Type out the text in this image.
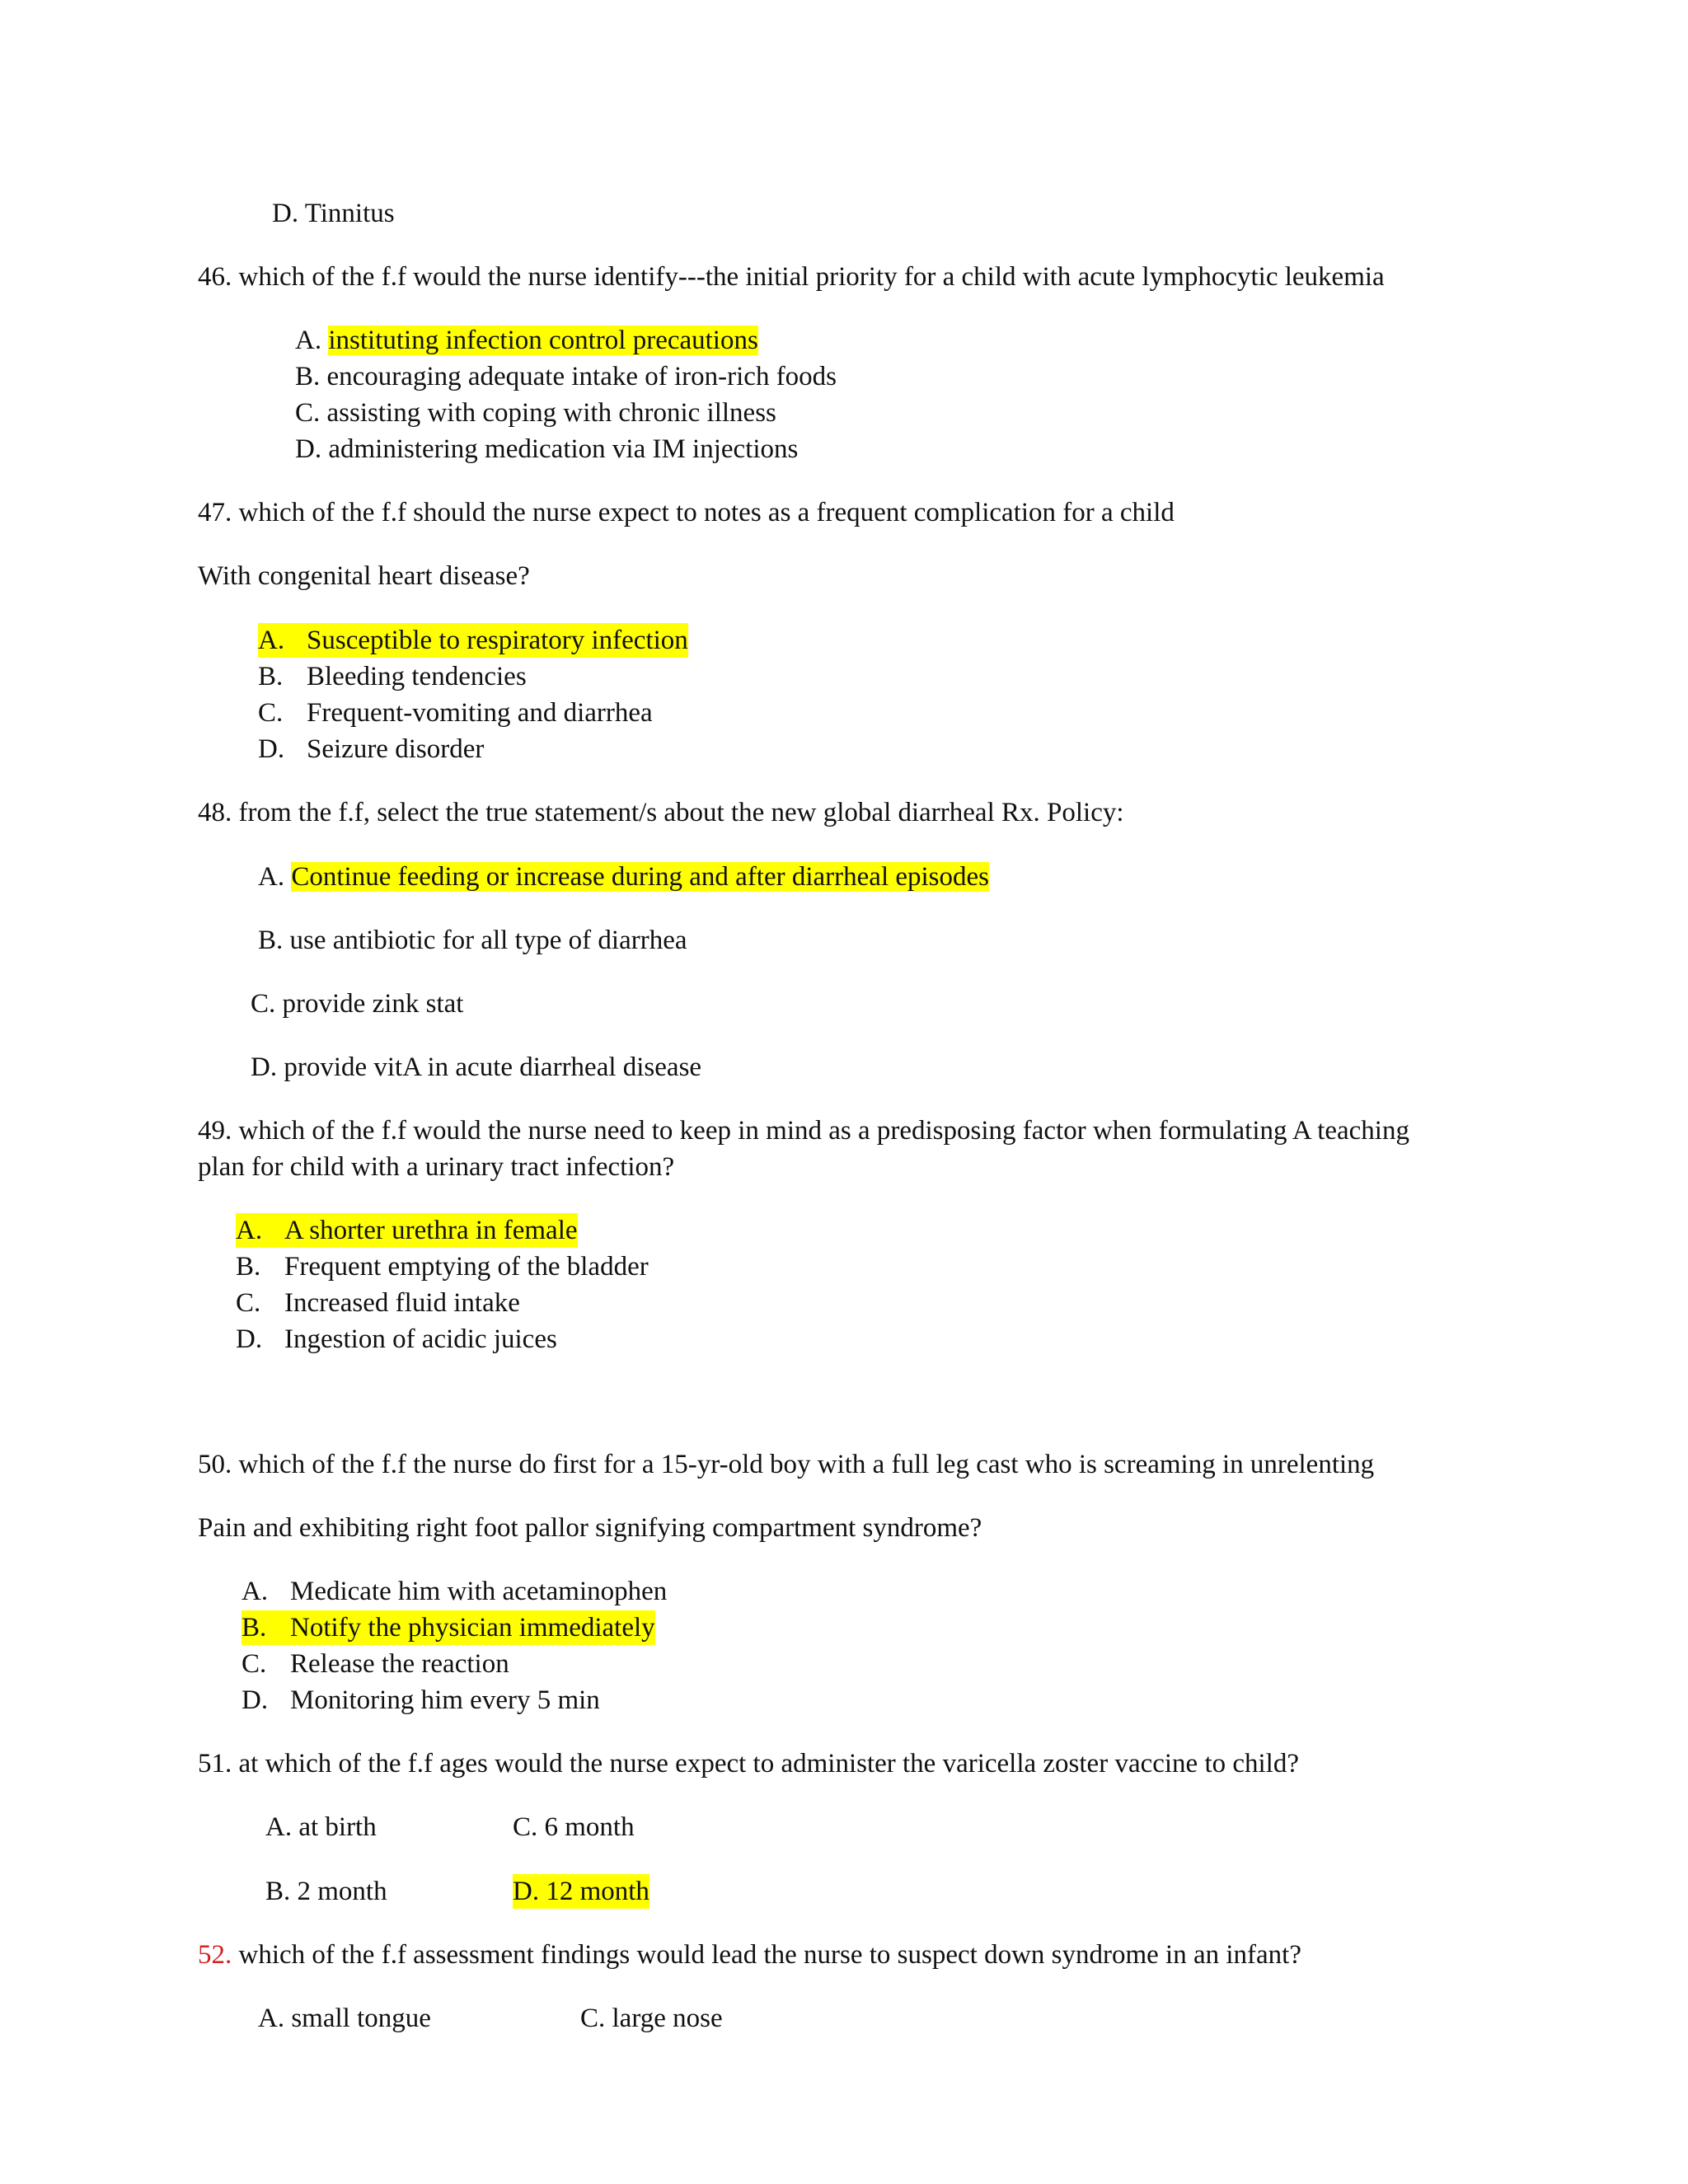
D. Tinnitus
46. which of the f.f would the nurse identify---the initial priority for a child with acute lymphocytic leukemia
A. instituting infection control precautions
B. encouraging adequate intake of iron-rich foods
C. assisting with coping with chronic illness
D. administering medication via IM injections
47. which of the f.f should the nurse expect to notes as a frequent complication for a child
With congenital heart disease?
A. Susceptible to respiratory infection
B. Bleeding tendencies
C. Frequent-vomiting and diarrhea
D. Seizure disorder
48. from the f.f, select the true statement/s about the new global diarrheal Rx. Policy:
A. Continue feeding or increase during and after diarrheal episodes
B. use antibiotic for all type of diarrhea
C. provide zink stat
D. provide vitA in acute diarrheal disease
49. which of the f.f would the nurse need to keep in mind as a predisposing factor when formulating A teaching
plan for child with a urinary tract infection?
A. A shorter urethra in female
B. Frequent emptying of the bladder
C. Increased fluid intake
D. Ingestion of acidic juices
50. which of the f.f the nurse do first for a 15-yr-old boy with a full leg cast who is screaming in unrelenting
Pain and exhibiting right foot pallor signifying compartment syndrome?
A. Medicate him with acetaminophen
B. Notify the physician immediately
C. Release the reaction
D. Monitoring him every 5 min
51. at which of the f.f ages would the nurse expect to administer the varicella zoster vaccine to child?
A. at birth	C. 6 month
B. 2 month	D. 12 month
52. which of the f.f assessment findings would lead the nurse to suspect down syndrome in an infant?
A. small tongue	C. large nose
